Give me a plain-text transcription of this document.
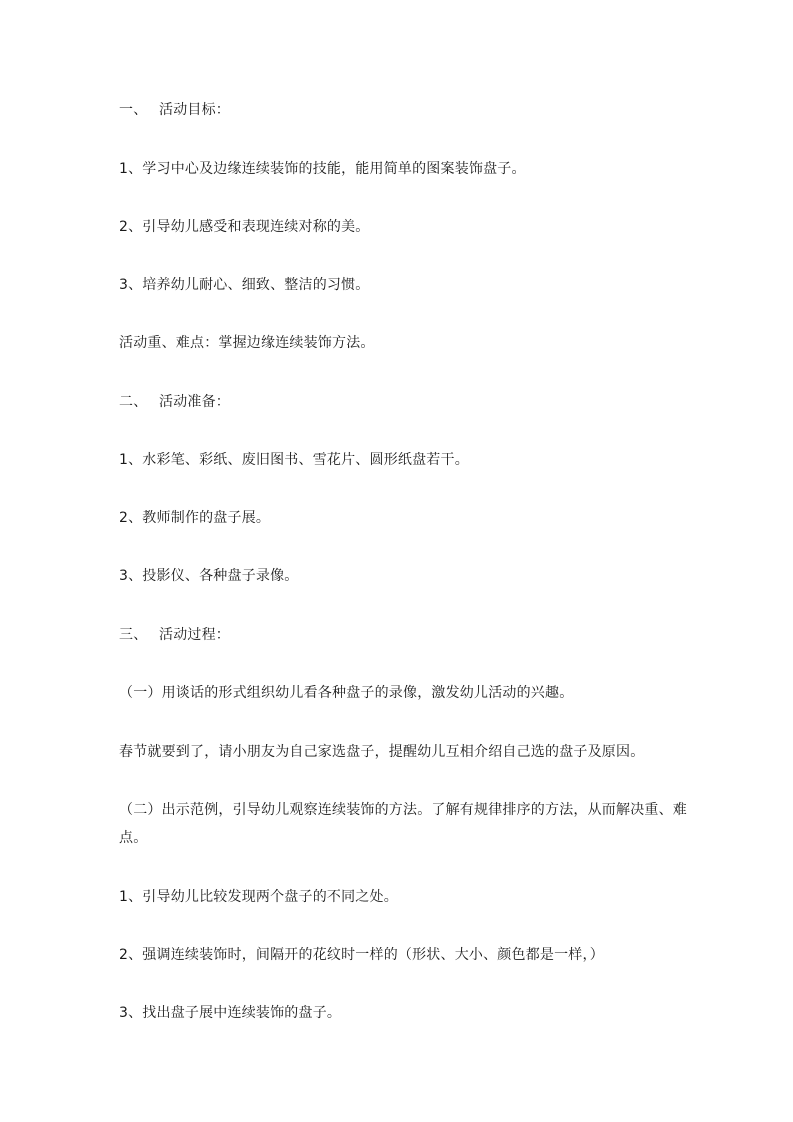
一、 活动目标：
1、学习中心及边缘连续装饰的技能，能用简单的图案装饰盘子。
2、引导幼儿感受和表现连续对称的美。
3、培养幼儿耐心、细致、整洁的习惯。
活动重、难点：掌握边缘连续装饰方法。
二、 活动准备：
1、水彩笔、彩纸、废旧图书、雪花片、圆形纸盘若干。
2、教师制作的盘子展。
3、投影仪、各种盘子录像。
三、 活动过程：
（一）用谈话的形式组织幼儿看各种盘子的录像，激发幼儿活动的兴趣。
春节就要到了，请小朋友为自己家选盘子，提醒幼儿互相介绍自己选的盘子及原因。
（二）出示范例，引导幼儿观察连续装饰的方法。了解有规律排序的方法，从而解决重、难点。
1、引导幼儿比较发现两个盘子的不同之处。
2、强调连续装饰时，间隔开的花纹时一样的（形状、大小、颜色都是一样，）
3、找出盘子展中连续装饰的盘子。
